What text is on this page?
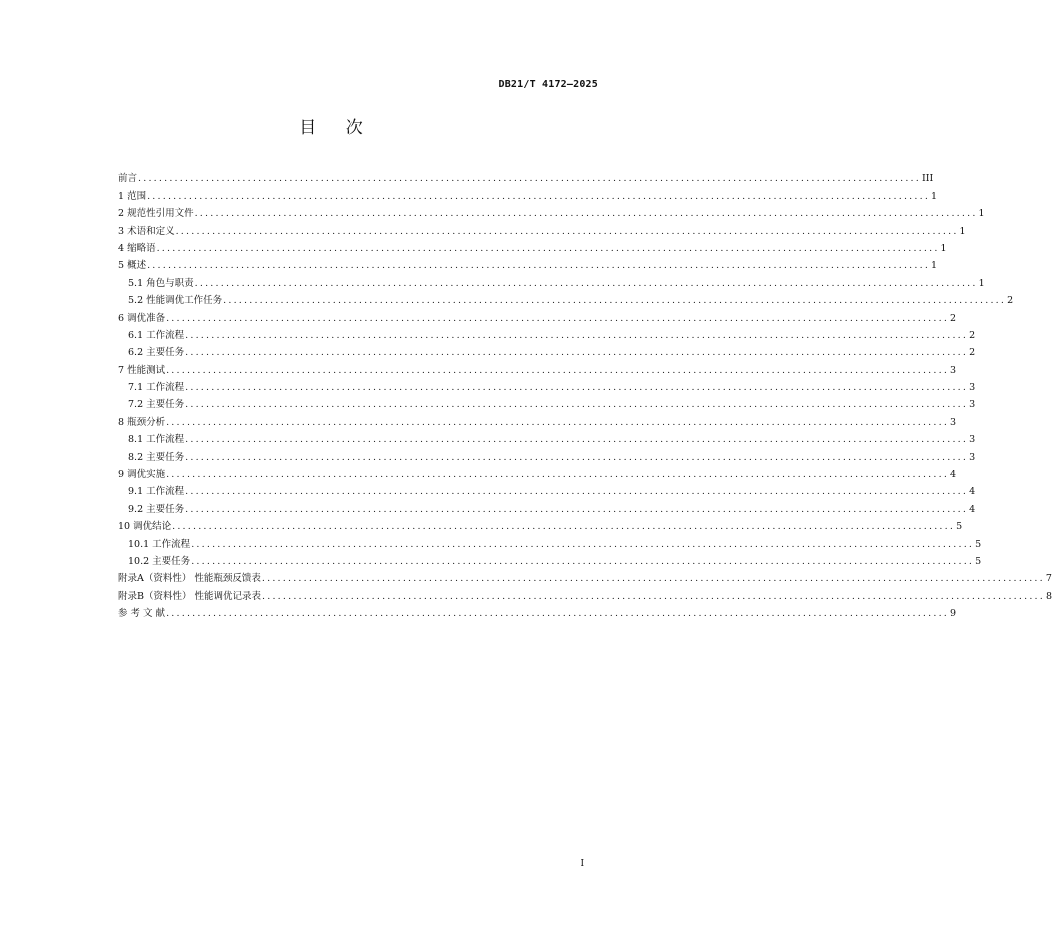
DB21/T 4172—2025
目 次
前言 ...................................................................................................................................................... III
1 范围 ...................................................................................................................................................... 1
2 规范性引用文件 ...................................................................................................................................................... 1
3 术语和定义 ...................................................................................................................................................... 1
4 缩略语 ...................................................................................................................................................... 1
5 概述 ...................................................................................................................................................... 1
5.1 角色与职责 ...................................................................................................................................................... 1
5.2 性能调优工作任务 ...................................................................................................................................................... 2
6 调优准备 ...................................................................................................................................................... 2
6.1 工作流程 ...................................................................................................................................................... 2
6.2 主要任务 ...................................................................................................................................................... 2
7 性能测试 ...................................................................................................................................................... 3
7.1 工作流程 ...................................................................................................................................................... 3
7.2 主要任务 ...................................................................................................................................................... 3
8 瓶颈分析 ...................................................................................................................................................... 3
8.1 工作流程 ...................................................................................................................................................... 3
8.2 主要任务 ...................................................................................................................................................... 3
9 调优实施 ...................................................................................................................................................... 4
9.1 工作流程 ...................................................................................................................................................... 4
9.2 主要任务 ...................................................................................................................................................... 4
10 调优结论 ...................................................................................................................................................... 5
10.1 工作流程 ...................................................................................................................................................... 5
10.2 主要任务 ...................................................................................................................................................... 5
附录A（资料性） 性能瓶颈反馈表 ...................................................................................................................................................... 7
附录B（资料性） 性能调优记录表 ...................................................................................................................................................... 8
参 考 文 献 ...................................................................................................................................................... 9
I
